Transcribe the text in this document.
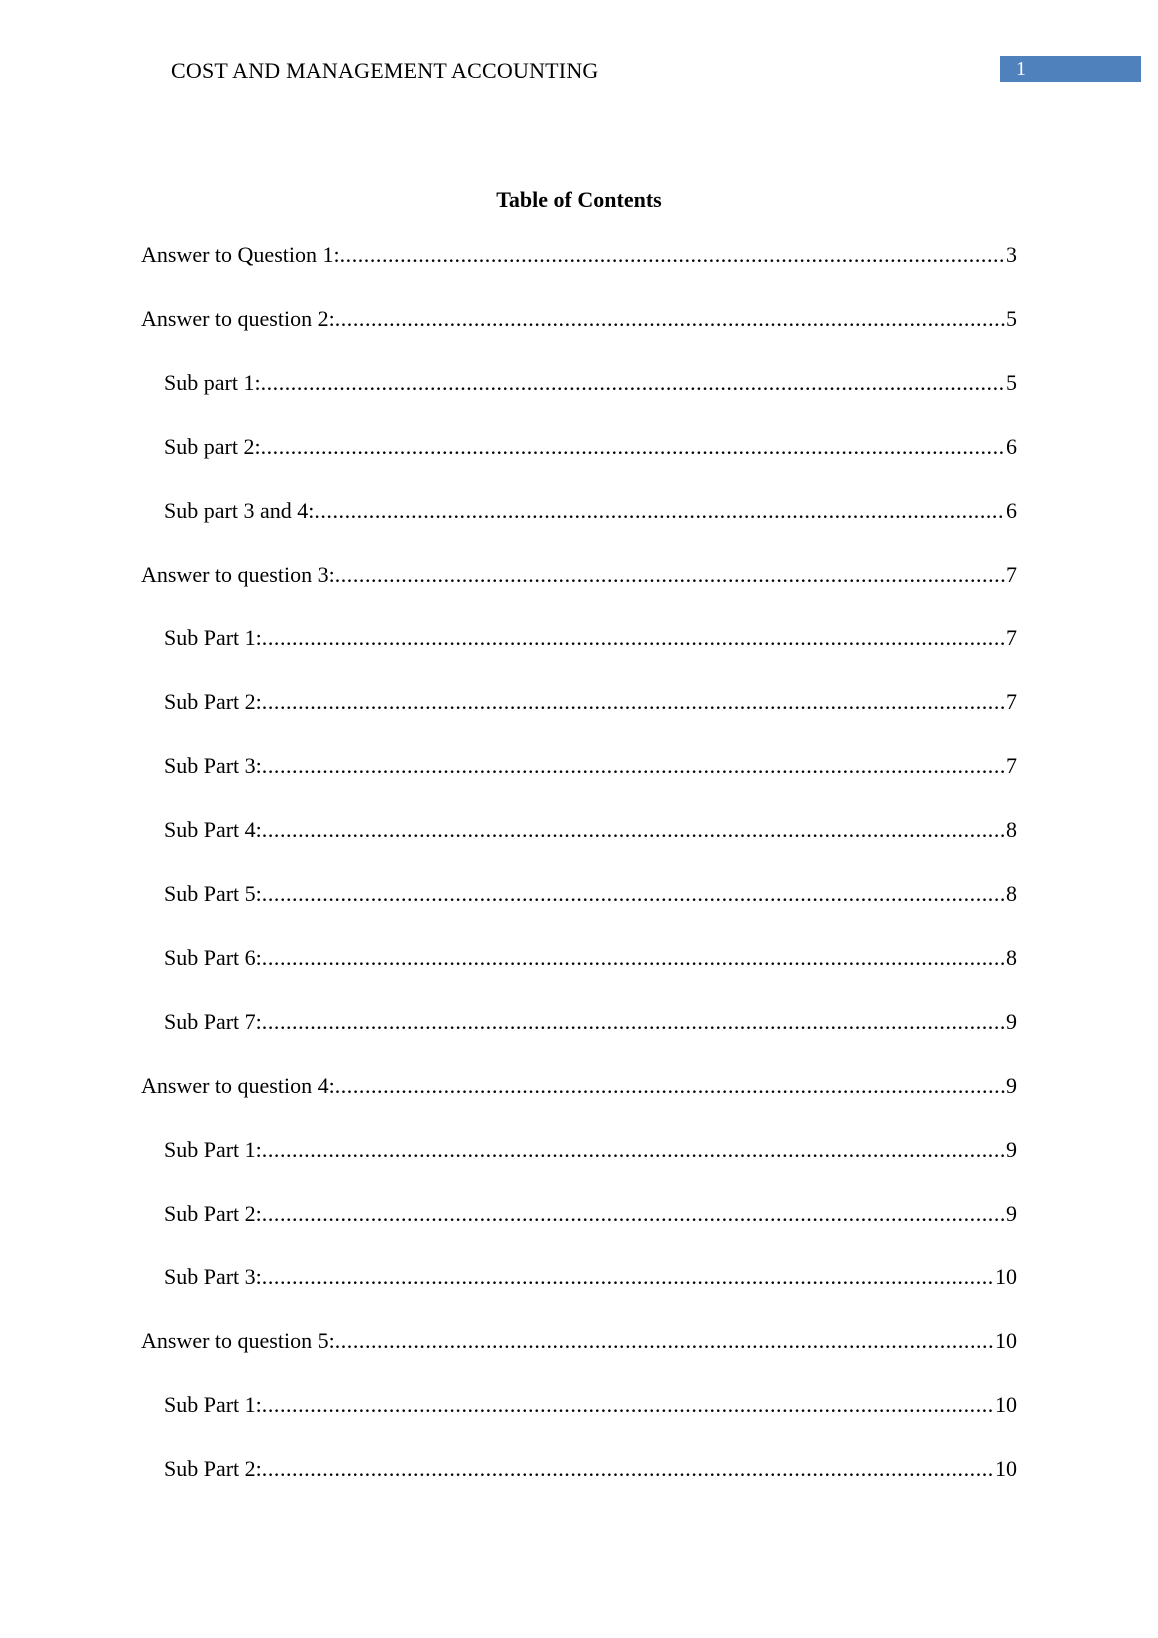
COST AND MANAGEMENT ACCOUNTING	1
Table of Contents
Answer to Question 1: .....	3
Answer to question 2: .....	5
Sub part 1: .....	5
Sub part 2: .....	6
Sub part 3 and 4: .....	6
Answer to question 3: .....	7
Sub Part 1: .....	7
Sub Part 2: .....	7
Sub Part 3: .....	7
Sub Part 4: .....	8
Sub Part 5: .....	8
Sub Part 6: .....	8
Sub Part 7: .....	9
Answer to question 4: .....	9
Sub Part 1: .....	9
Sub Part 2: .....	9
Sub Part 3: .....	10
Answer to question 5: .....	10
Sub Part 1: .....	10
Sub Part 2: .....	10
